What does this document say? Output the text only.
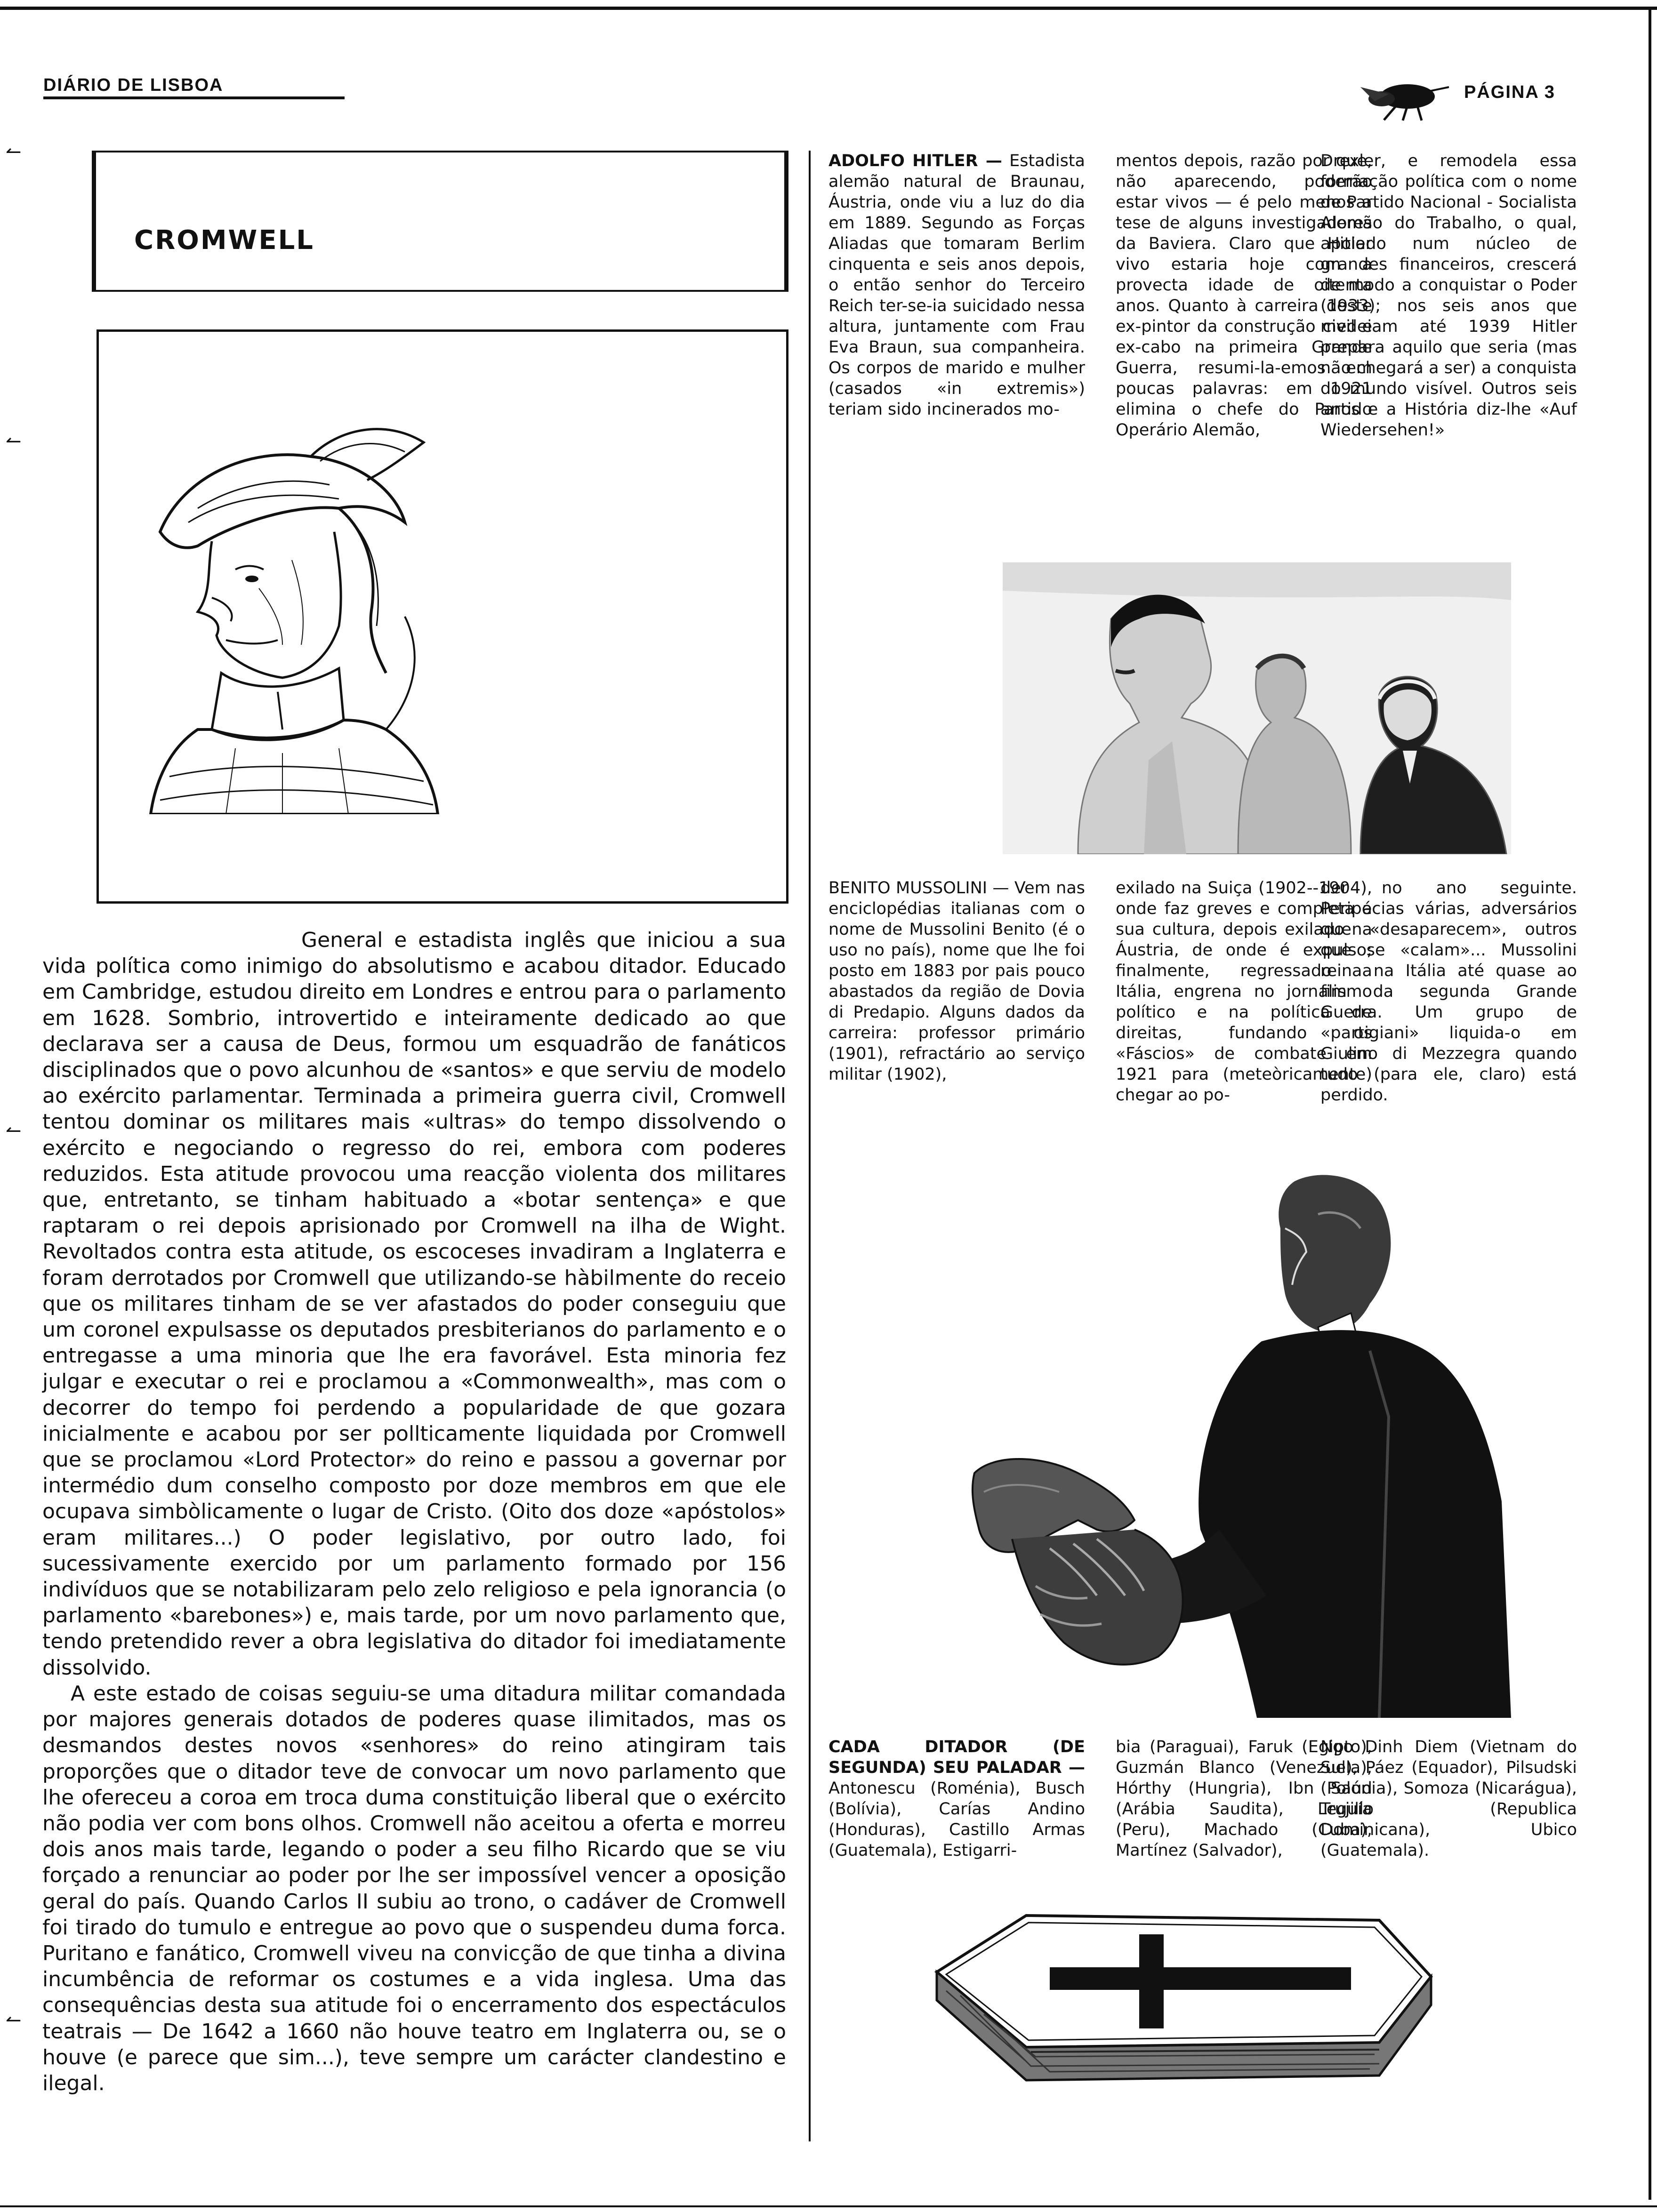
DIÁRIO DE LISBOA	PÁGINA 3
↼
↼
↼
↼
CROMWELL

General e estadista inglês que iniciou a sua vida política como inimigo do absolutismo e acabou ditador. Educado em Cambridge, estudou direito em Londres e entrou para o parlamento em 1628. Sombrio, introvertido e inteiramente dedicado ao que declarava ser a causa de Deus, formou um esquadrão de fanáticos disciplinados que o povo alcunhou de «santos» e que serviu de modelo ao exército parlamentar. Terminada a primeira guerra civil, Cromwell tentou dominar os militares mais «ultras» do tempo dissolvendo o exército e negociando o regresso do rei, embora com poderes reduzidos. Esta atitude provocou uma reacção violenta dos militares que, entretanto, se tinham habituado a «botar sentença» e que raptaram o rei depois aprisionado por Cromwell na ilha de Wight. Revoltados contra esta atitude, os escoceses invadiram a Inglaterra e foram derrotados por Cromwell que utilizando-se hàbilmente do receio que os militares tinham de se ver afastados do poder conseguiu que um coronel expulsasse os deputados presbiterianos do parlamento e o entregasse a uma minoria que lhe era favorável. Esta minoria fez julgar e executar o rei e proclamou a «Commonwealth», mas com o decorrer do tempo foi perdendo a popularidade de que gozara inicialmente e acabou por ser pollticamente liquidada por Cromwell que se proclamou «Lord Protector» do reino e passou a governar por intermédio dum conselho composto por doze membros em que ele ocupava simbòlicamente o lugar de Cristo. (Oito dos doze «apóstolos» eram militares...) O poder legislativo, por outro lado, foi sucessivamente exercido por um parlamento formado por 156 indivíduos que se notabilizaram pelo zelo religioso e pela ignorancia (o parlamento «barebones») e, mais tarde, por um novo parlamento que, tendo pretendido rever a obra legislativa do ditador foi imediatamente dissolvido.

A este estado de coisas seguiu-se uma ditadura militar comandada por majores generais dotados de poderes quase ilimitados, mas os desmandos destes novos «senhores» do reino atingiram tais proporções que o ditador teve de convocar um novo parlamento que lhe ofereceu a coroa em troca duma constituição liberal que o exército não podia ver com bons olhos. Cromwell não aceitou a oferta e morreu dois anos mais tarde, legando o poder a seu filho Ricardo que se viu forçado a renunciar ao poder por lhe ser impossível vencer a oposição geral do país. Quando Carlos II subiu ao trono, o cadáver de Cromwell foi tirado do tumulo e entregue ao povo que o suspendeu duma forca. Puritano e fanático, Cromwell viveu na convicção de que tinha a divina incumbência de reformar os costumes e a vida inglesa. Uma das consequências desta sua atitude foi o encerramento dos espectáculos teatrais — De 1642 a 1660 não houve teatro em Inglaterra ou, se o houve (e parece que sim...), teve sempre um carácter clandestino e ilegal.

ADOLFO HITLER — Estadista alemão natural de Braunau, Áustria, onde viu a luz do dia em 1889. Segundo as Forças Aliadas que tomaram Berlim cinquenta e seis anos depois, o então senhor do Terceiro Reich ter-se-ia suicidado nessa altura, juntamente com Frau Eva Braun, sua companheira. Os corpos de marido e mulher (casados «in extremis») teriam sido incinerados mo-
mentos depois, razão por que, não aparecendo, poderão estar vivos — é pelo menos a tese de alguns investigadores da Baviera. Claro que Hitler vivo estaria hoje com a provecta idade de oitenta anos. Quanto à carreira deste ex-pintor da construção civil e ex-cabo na primeira Grande Guerra, resumi-la-emos em poucas palavras: em 1921 elimina o chefe do Partido Operário Alemão,
Drexler, e remodela essa formação política com o nome de Partido Nacional - Socialista Alemão do Trabalho, o qual, apoiado num núcleo de grandes financeiros, crescerá de modo a conquistar o Poder (1933); nos seis anos que medeiam até 1939 Hitler prepara aquilo que seria (mas não chegará a ser) a conquista do mundo visível. Outros seis anos e a História diz-lhe «Auf Wiedersehen!»
BENITO MUSSOLINI — Vem nas enciclopédias italianas com o nome de Mussolini Benito (é o uso no país), nome que lhe foi posto em 1883 por pais pouco abastados da região de Dovia di Predapio. Alguns dados da carreira: professor primário (1901), refractário ao serviço militar (1902),
exilado na Suiça (1902--1904), onde faz greves e completa a sua cultura, depois exilado na Áustria, de onde é expulso; finalmente, regressado a Itália, engrena no jornalismo político e na política de direitas, fundando os «Fáscios» de combate em 1921 para (meteòricamente) chegar ao po-
der no ano seguinte. Peripécias várias, adversários que «desaparecem», outros que se «calam»... Mussolini reina na Itália até quase ao fim da segunda Grande Guerra. Um grupo de «partigiani» liquida-o em Giulino di Mezzegra quando tudo (para ele, claro) está perdido.
CADA DITADOR (DE SEGUNDA) SEU PALADAR — Antonescu (Roménia), Busch (Bolívia), Carías Andino (Honduras), Castillo Armas (Guatemala), Estigarri-
bia (Paraguai), Faruk (Egipto), Guzmán Blanco (Venezuela), Hórthy (Hungria), Ibn Saud (Arábia Saudita), Leguía (Peru), Machado (Cuba), Martínez (Salvador),
Ngo Dinh Diem (Vietnam do Sul), Páez (Equador), Pilsudski (Polónia), Somoza (Nicarágua), Trujillo (Republica Dominicana), Ubico (Guatemala).
